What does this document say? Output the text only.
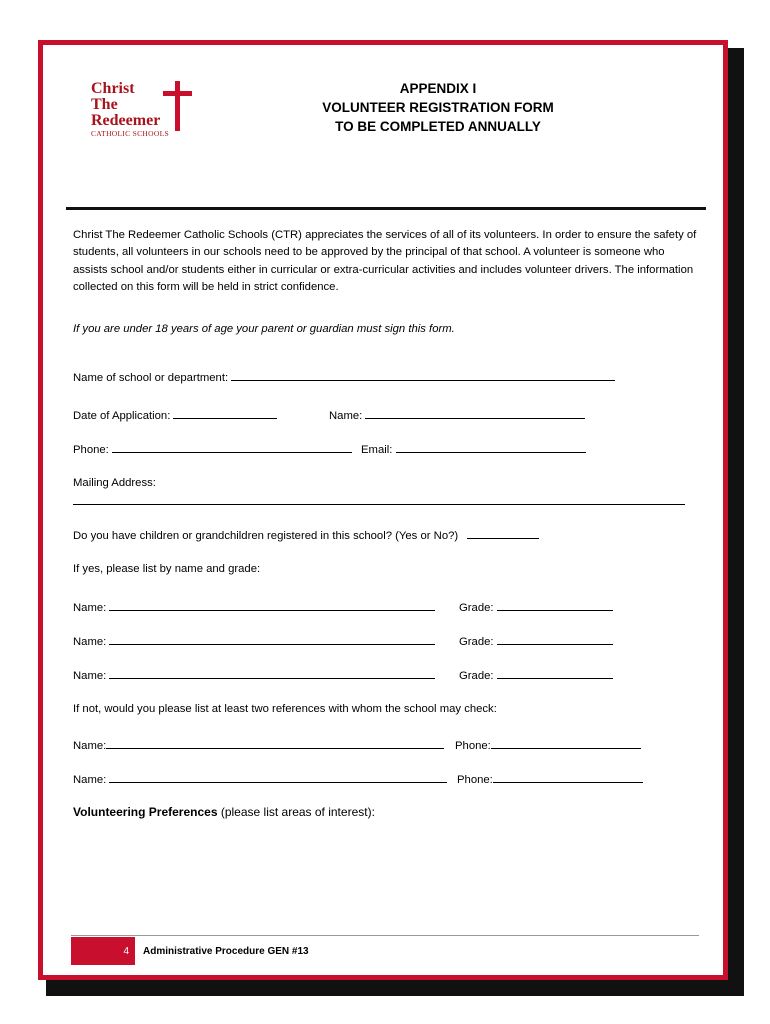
Christ
The
Redeemer
CATHOLIC SCHOOLS
APPENDIX I
VOLUNTEER REGISTRATION FORM
TO BE COMPLETED ANNUALLY
Christ The Redeemer Catholic Schools (CTR) appreciates the services of all of its volunteers. In order to ensure the safety of students, all volunteers in our schools need to be approved by the principal of that school. A volunteer is someone who assists school and/or students either in curricular or extra-curricular activities and includes volunteer drivers. The information collected on this form will be held in strict confidence.
If you are under 18 years of age your parent or guardian must sign this form.
Name of school or department:
Date of Application:	Name:
Phone:	Email:
Mailing Address:
Do you have children or grandchildren registered in this school? (Yes or No?)
If yes, please list by name and grade:
Name:	Grade:
Name:	Grade:
Name:	Grade:
If not, would you please list at least two references with whom the school may check:
Name:	Phone:
Name:	Phone:
Volunteering Preferences (please list areas of interest):
4	Administrative Procedure GEN #13
